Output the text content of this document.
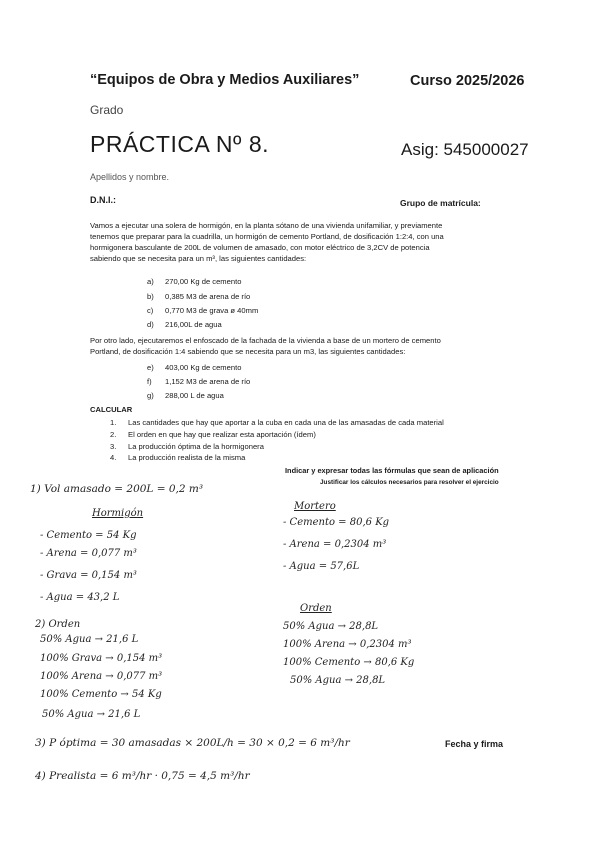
“Equipos de Obra y Medios Auxiliares”	Curso 2025/2026
Grado
PRÁCTICA Nº 8.	Asig: 545000027
Apellidos y nombre.
D.N.I.:	Grupo de matrícula:
Vamos a ejecutar una solera de hormigón, en la planta sótano de una vivienda unifamiliar, y previamente
tenemos que preparar para la cuadrilla, un hormigón de cemento Portland, de dosificación 1:2:4, con una
hormigonera basculante de 200L de volumen de amasado, con motor eléctrico de 3,2CV de potencia
sabiendo que se necesita para un m³, las siguientes cantidades:
a) 270,00 Kg de cemento
b) 0,385 M3 de arena de río
c) 0,770 M3 de grava ø 40mm
d) 216,00L de agua
Por otro lado, ejecutaremos el enfoscado de la fachada de la vivienda a base de un mortero de cemento
Portland, de dosificación 1:4 sabiendo que se necesita para un m3, las siguientes cantidades:
e) 403,00 Kg de cemento
f) 1,152 M3 de arena de río
g) 288,00 L de agua
CALCULAR
1. Las cantidades que hay que aportar a la cuba en cada una de las amasadas de cada material
2. El orden en que hay que realizar esta aportación (ídem)
3. La producción óptima de la hormigonera
4. La producción realista de la misma
Indicar y expresar todas las fórmulas que sean de aplicación
Justificar los cálculos necesarios para resolver el ejercicio
1) Vol amasado = 200L = 0,2 m³
Hormigón
- Cemento = 54 Kg
- Arena = 0,077 m³
- Grava = 0,154 m³
- Agua = 43,2 L
Mortero
- Cemento = 80,6 Kg
- Arena = 0,2304 m³
- Agua = 57,6L
2) Orden
50% Agua → 21,6 L
100% Grava → 0,154 m³
100% Arena → 0,077 m³
100% Cemento → 54 Kg
50% Agua → 21,6 L
Orden
50% Agua → 28,8L
100% Arena → 0,2304 m³
100% Cemento → 80,6 Kg
50% Agua → 28,8L
3) P óptima = 30 amasadas × 200L/h = 30 × 0,2 = 6 m³/hr	Fecha y firma
4) Prealista = 6 m³/hr · 0,75 = 4,5 m³/hr
